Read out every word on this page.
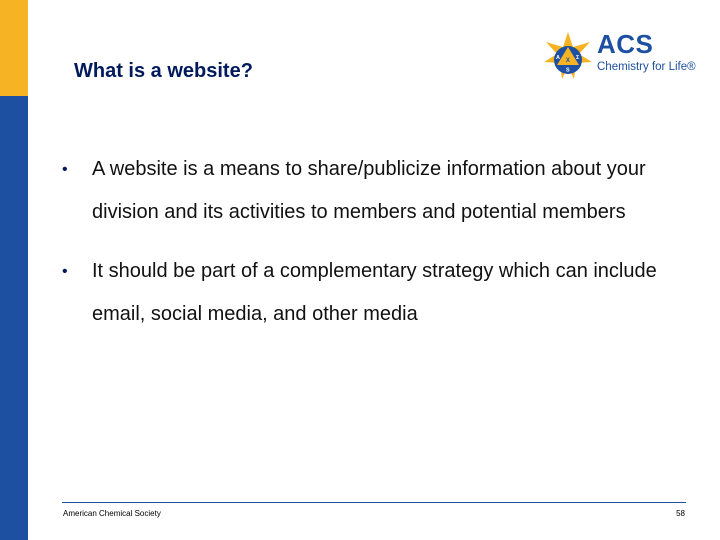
What is a website?
A Χ Σ
S
ACS
Chemistry for Life®
• A website is a means to share/publicize information about your division and its activities to members and potential members
• It should be part of a complementary strategy which can include email, social media, and other media
American Chemical Society	58
